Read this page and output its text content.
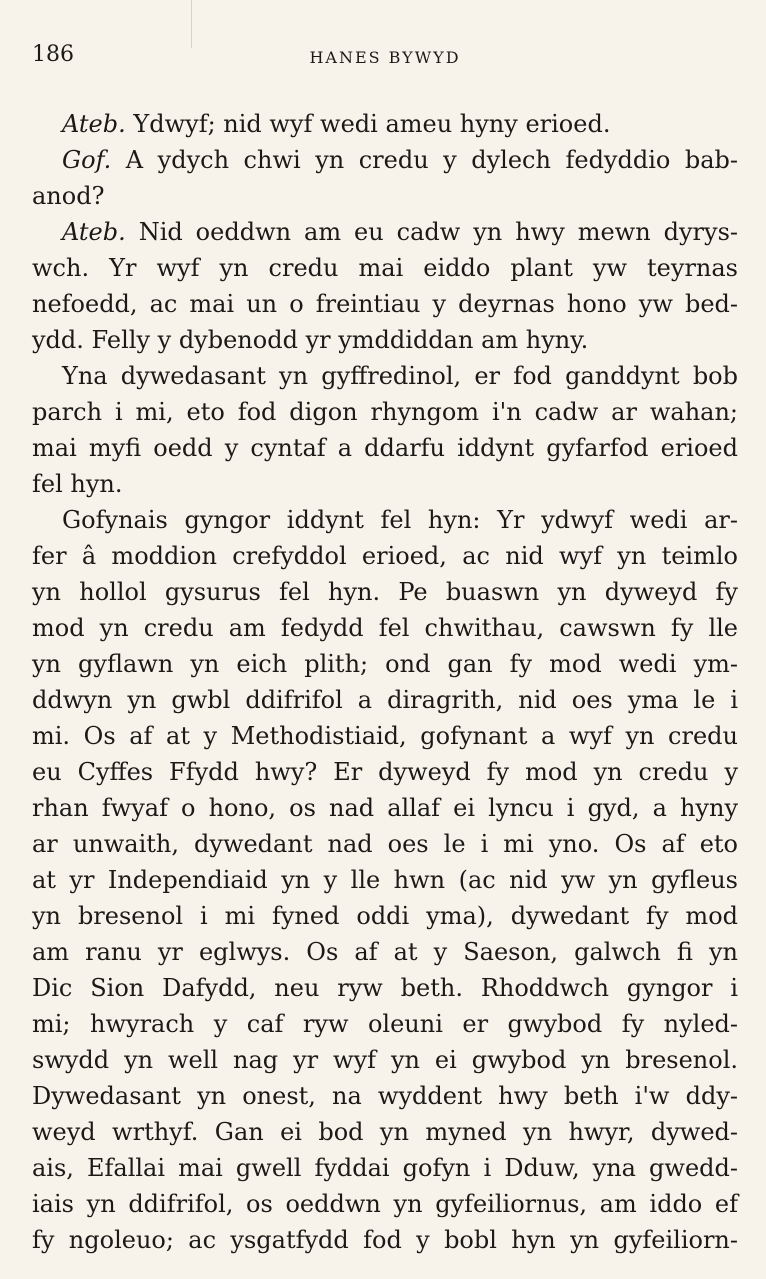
186	HANES BYWYD
Ateb. Ydwyf; nid wyf wedi ameu hyny erioed.
Gof. A ydych chwi yn credu y dylech fedyddio bab-
anod?
Ateb. Nid oeddwn am eu cadw yn hwy mewn dyrys-
wch. Yr wyf yn credu mai eiddo plant yw teyrnas
nefoedd, ac mai un o freintiau y deyrnas hono yw bed-
ydd. Felly y dybenodd yr ymddiddan am hyny.
Yna dywedasant yn gyffredinol, er fod ganddynt bob
parch i mi, eto fod digon rhyngom i'n cadw ar wahan;
mai myfi oedd y cyntaf a ddarfu iddynt gyfarfod erioed
fel hyn.
Gofynais gyngor iddynt fel hyn: Yr ydwyf wedi ar-
fer â moddion crefyddol erioed, ac nid wyf yn teimlo
yn hollol gysurus fel hyn. Pe buaswn yn dyweyd fy
mod yn credu am fedydd fel chwithau, cawswn fy lle
yn gyflawn yn eich plith; ond gan fy mod wedi ym-
ddwyn yn gwbl ddifrifol a diragrith, nid oes yma le i
mi. Os af at y Methodistiaid, gofynant a wyf yn credu
eu Cyffes Ffydd hwy? Er dyweyd fy mod yn credu y
rhan fwyaf o hono, os nad allaf ei lyncu i gyd, a hyny
ar unwaith, dywedant nad oes le i mi yno. Os af eto
at yr Independiaid yn y lle hwn (ac nid yw yn gyfleus
yn bresenol i mi fyned oddi yma), dywedant fy mod
am ranu yr eglwys. Os af at y Saeson, galwch fi yn
Dic Sion Dafydd, neu ryw beth. Rhoddwch gyngor i
mi; hwyrach y caf ryw oleuni er gwybod fy nyled-
swydd yn well nag yr wyf yn ei gwybod yn bresenol.
Dywedasant yn onest, na wyddent hwy beth i'w ddy-
weyd wrthyf. Gan ei bod yn myned yn hwyr, dywed-
ais, Efallai mai gwell fyddai gofyn i Dduw, yna gwedd-
iais yn ddifrifol, os oeddwn yn gyfeiliornus, am iddo ef
fy ngoleuo; ac ysgatfydd fod y bobl hyn yn gyfeiliorn-
